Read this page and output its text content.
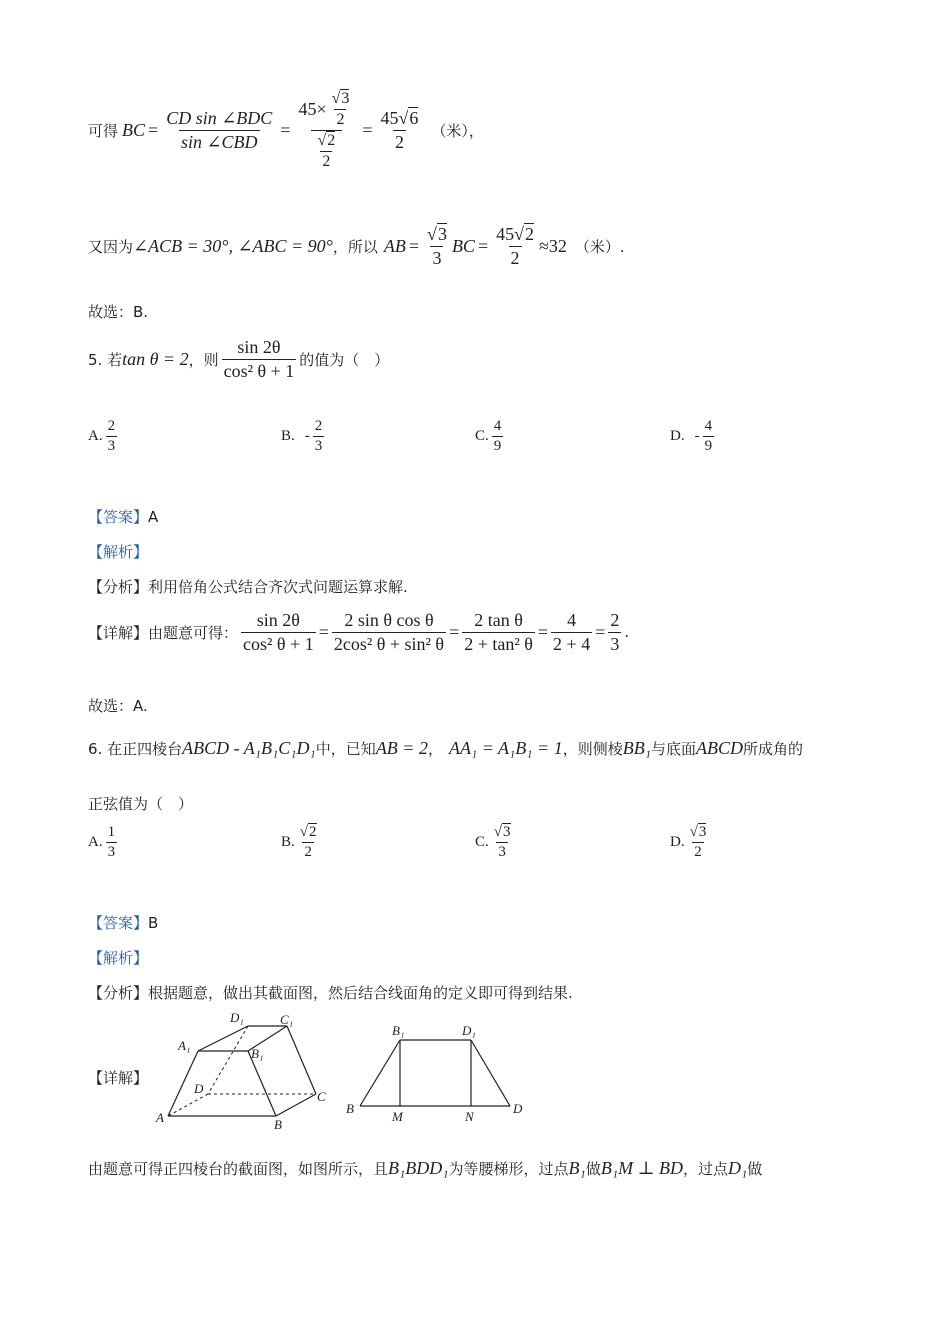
可得 BC = $\frac{\text{CD sin ∠BDC}}{\text{sin ∠CBD}} = \frac{45\times \frac{√3}{2}}{\frac{√2}{2}} = \frac{45√6}{2}$ （米），
又因为 ∠ACB = 30°, ∠ABC = 90° ，所以 AB = $\frac{√3}{3}$ BC = $\frac{45√2}{2} \approx 32$ （米）.
故选：B.
5. 若 tan θ = 2 ，则 $\frac{\sin 2\theta}{\text{cos² θ + 1}}$ 的值为（　）
A. $\frac{2}{3}$	B. - $\frac{2}{3}$	C. $\frac{4}{9}$	D. - $\frac{4}{9}$
【答案】A
【解析】
【分析】利用倍角公式结合齐次式问题运算求解.
【详解】 由题意可得： $\frac{\sin 2\theta}{\text{cos² θ + 1}} = \frac{\text{2 sin θ cos θ}}{\text{2cos² θ + sin² θ}} = \frac{\text{2 tan θ}}{\text{2 + tan² θ}} = \frac{4}{2 + 4} = \frac{2}{3}$ .
故选：A.
6. 在正四棱台 ABCD - A₁B₁C₁D₁ 中，已知 AB = 2 ， AA₁ = A₁B₁ = 1 ，则侧棱 BB₁ 与底面 ABCD 所成角的
正弦值为（　）
A. $\frac{1}{3}$	B. $\frac{√2}{2}$	C. $\frac{√3}{3}$	D. $\frac{√3}{2}$
【答案】B
【解析】
【分析】根据题意，做出其截面图，然后结合线面角的定义即可得到结果.
【详解】
D₁	C₁
A₁
B₁
D
C
A	B
B₁	D₁
B
M	N
D
由题意可得正四棱台的截面图，如图所示，且 B₁BDD₁ 为等腰梯形，过点 B₁ 做 B₁M ⊥ BD ，过点 D₁ 做
